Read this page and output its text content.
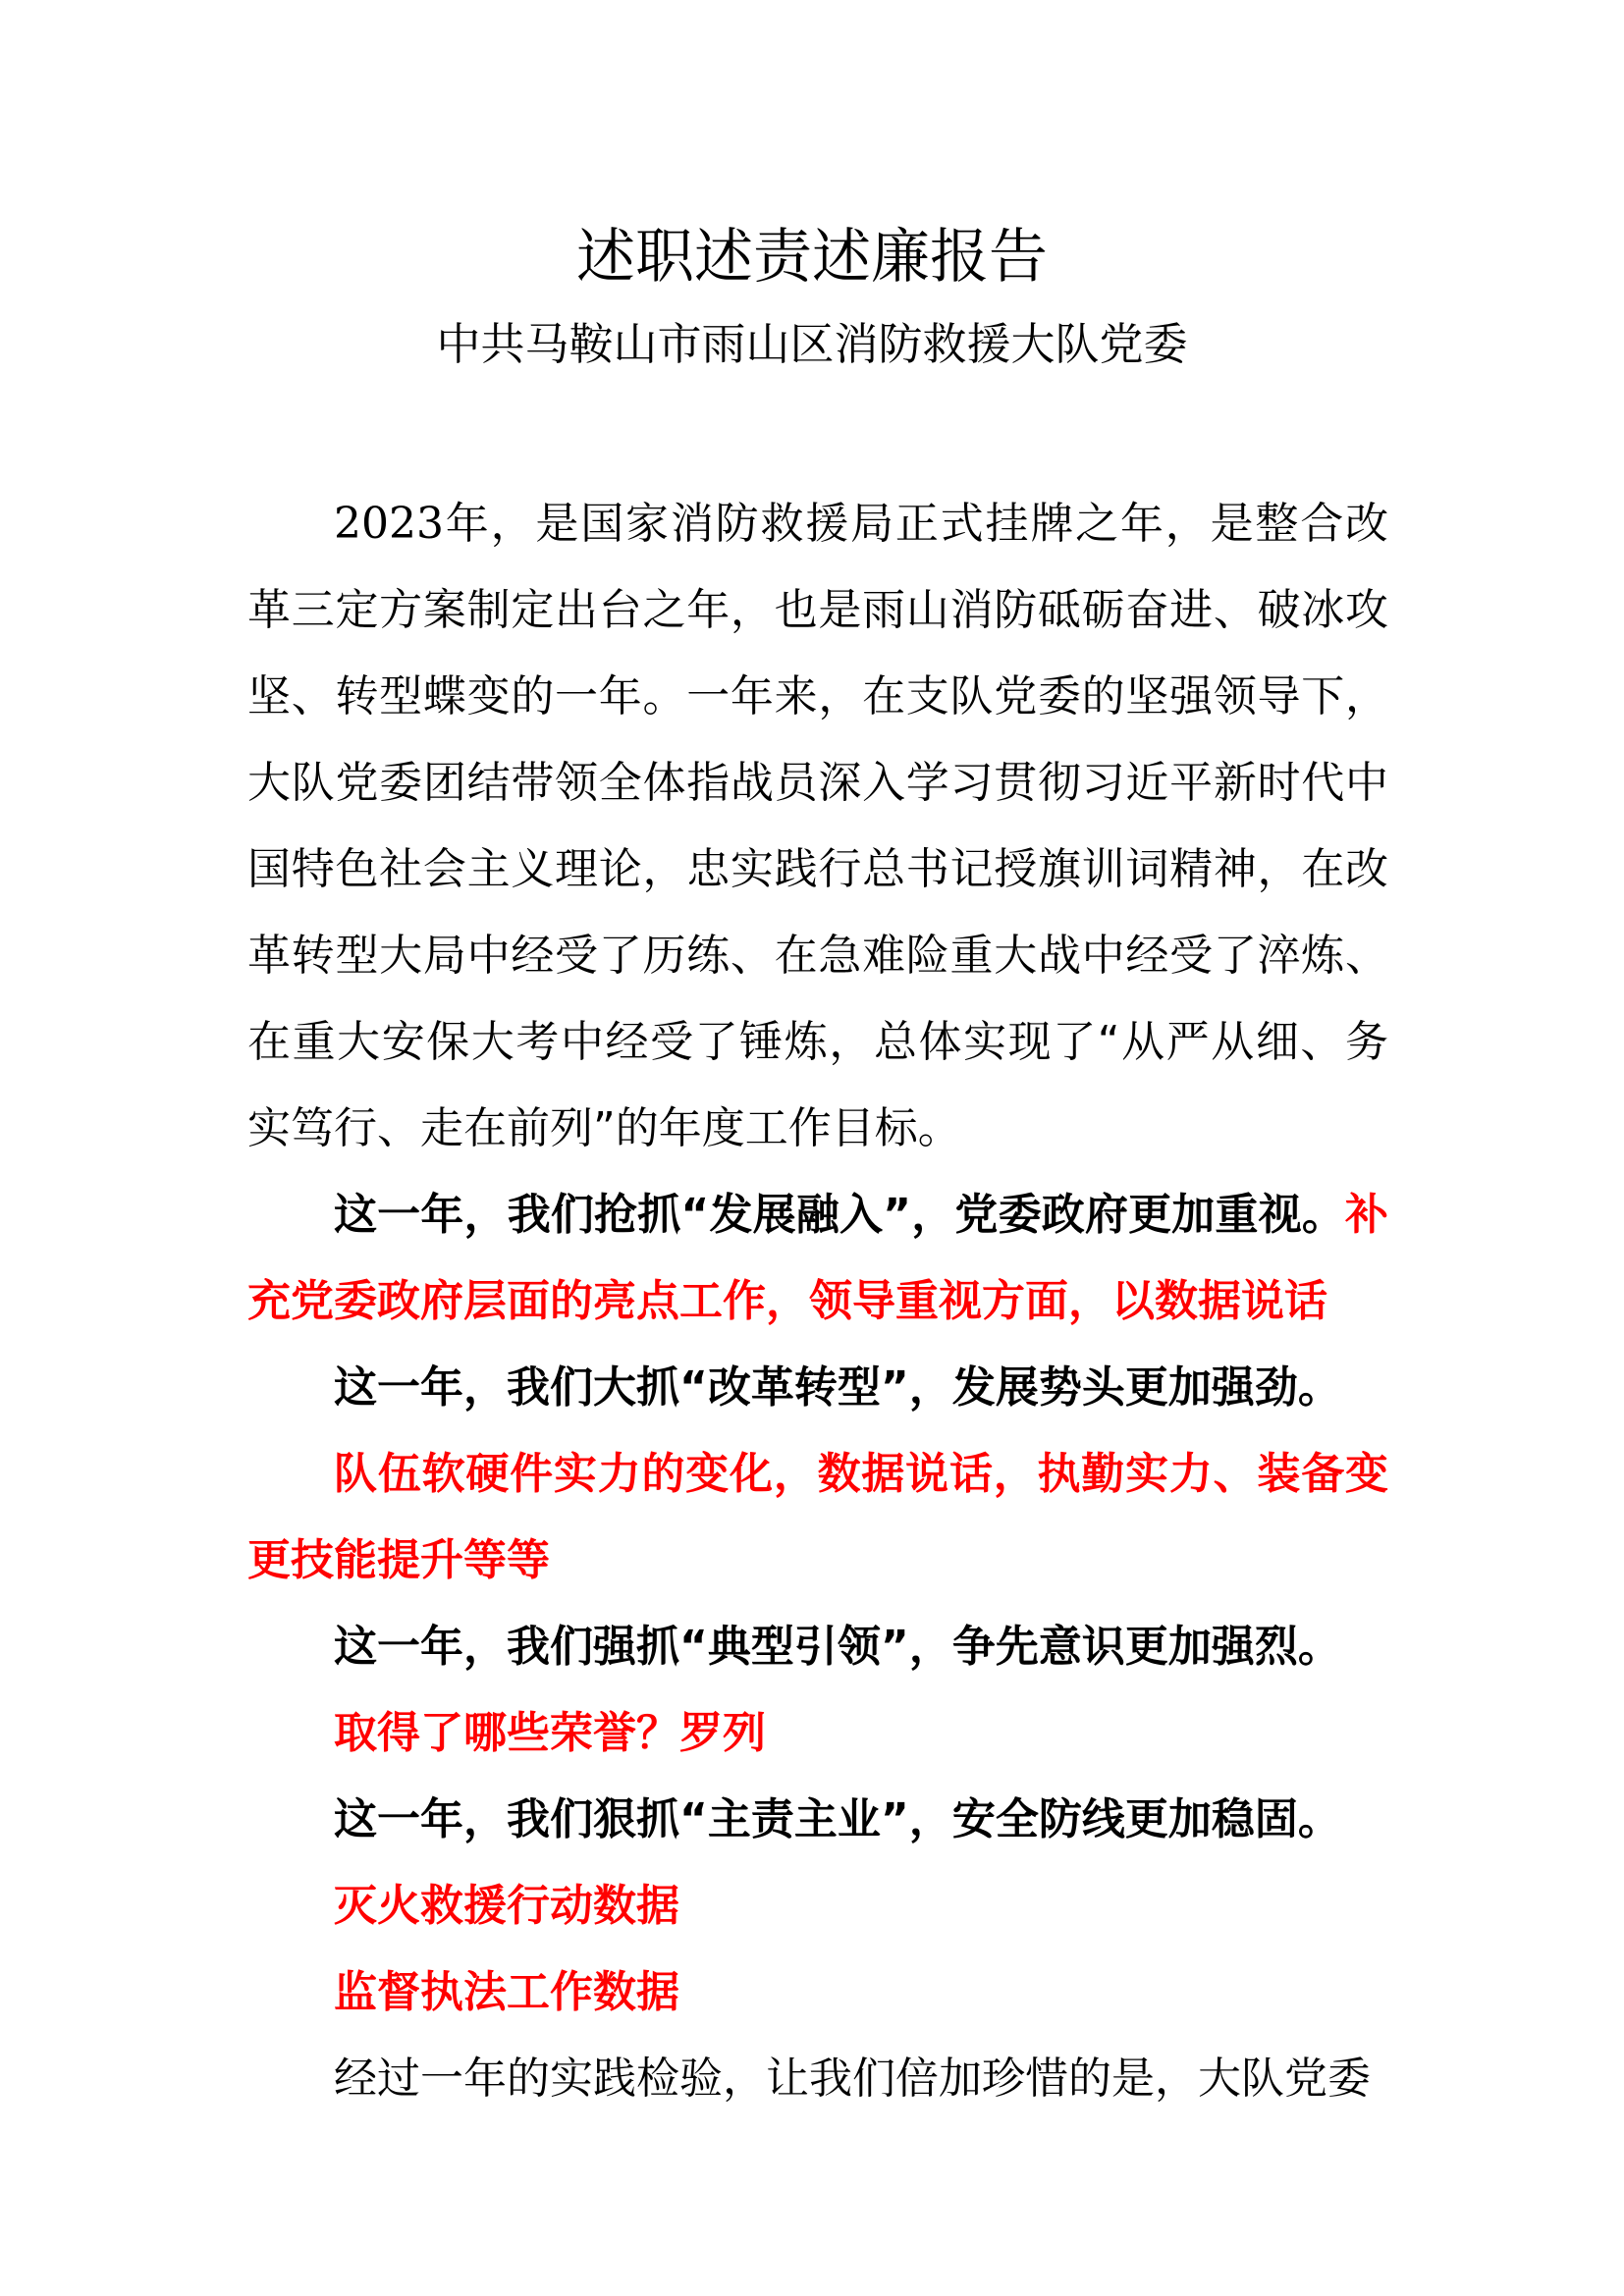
述职述责述廉报告
中共马鞍山市雨山区消防救援大队党委

2023年，是国家消防救援局正式挂牌之年，是整合改革三定方案制定出台之年，也是雨山消防砥砺奋进、破冰攻坚、转型蝶变的一年。一年来，在支队党委的坚强领导下，大队党委团结带领全体指战员深入学习贯彻习近平新时代中国特色社会主义理论，忠实践行总书记授旗训词精神，在改革转型大局中经受了历练、在急难险重大战中经受了淬炼、在重大安保大考中经受了锤炼，总体实现了“从严从细、务实笃行、走在前列”的年度工作目标。

这一年，我们抢抓“发展融入”，党委政府更加重视。补充党委政府层面的亮点工作，领导重视方面，以数据说话

这一年，我们大抓“改革转型”，发展势头更加强劲。

队伍软硬件实力的变化，数据说话，执勤实力、装备变更技能提升等等

这一年，我们强抓“典型引领”，争先意识更加强烈。

取得了哪些荣誉？罗列

这一年，我们狠抓“主责主业”，安全防线更加稳固。

灭火救援行动数据

监督执法工作数据

经过一年的实践检验，让我们倍加珍惜的是，大队党委
